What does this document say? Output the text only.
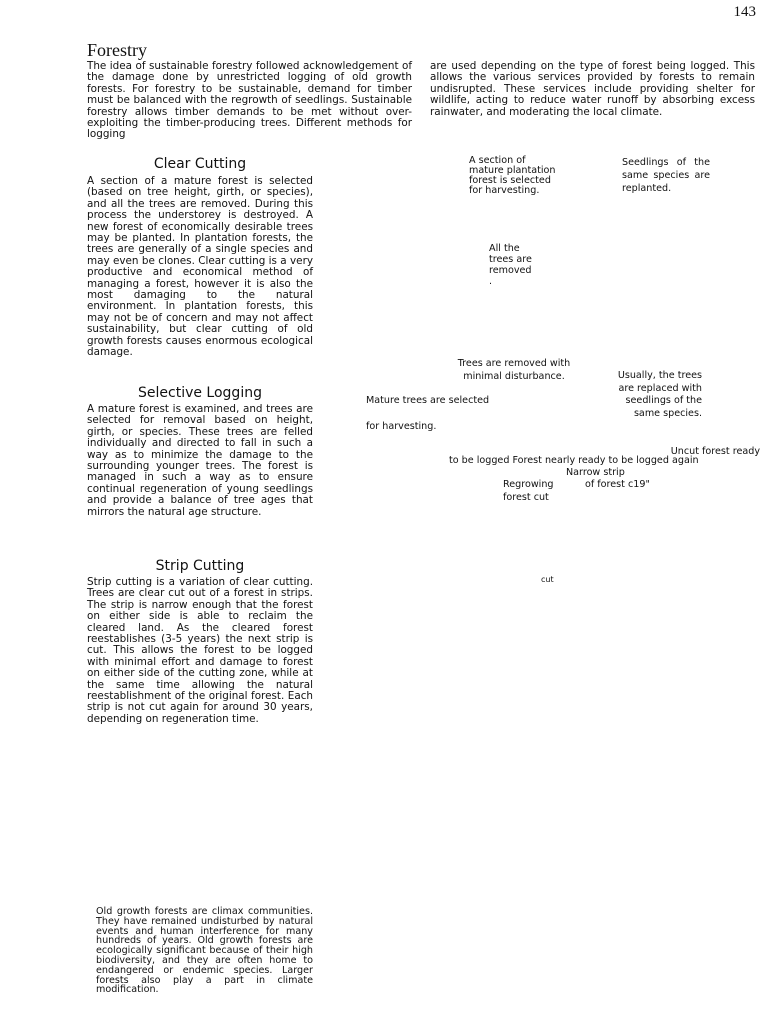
143
Forestry

The idea of sustainable forestry followed acknowledgement of the damage done by unrestricted logging of old growth forests. For forestry to be sustainable, demand for timber must be balanced with the regrowth of seedlings. Sustainable forestry allows timber demands to be met without over-exploiting the timber-producing trees. Different methods for logging

are used depending on the type of forest being logged. This allows the various services provided by forests to remain undisrupted. These services include providing shelter for wildlife, acting to reduce water runoff by absorbing excess rainwater, and moderating the local climate.

Clear Cutting

A section of a mature forest is selected (based on tree height, girth, or species), and all the trees are removed. During this process the understorey is destroyed. A new forest of economically desirable trees may be planted. In plantation forests, the trees are generally of a single species and may even be clones. Clear cutting is a very productive and economical method of managing a forest, however it is also the most damaging to the natural environment. In plantation forests, this may not be of concern and may not affect sustainability, but clear cutting of old growth forests causes enormous ecological damage.

Selective Logging

A mature forest is examined, and trees are selected for removal based on height, girth, or species. These trees are felled individually and directed to fall in such a way as to minimize the damage to the surrounding younger trees. The forest is managed in such a way as to ensure continual regeneration of young seedlings and provide a balance of tree ages that mirrors the natural age structure.

Strip Cutting

Strip cutting is a variation of clear cutting. Trees are clear cut out of a forest in strips. The strip is narrow enough that the forest on either side is able to reclaim the cleared land. As the cleared forest reestablishes (3-5 years) the next strip is cut. This allows the forest to be logged with minimal effort and damage to forest on either side of the cutting zone, while at the same time allowing the natural reestablishment of the original forest. Each strip is not cut again for around 30 years, depending on regeneration time.

A section of mature plantation forest is selected for harvesting.

Seedlings of the same species are replanted.

All the trees are removed .

Trees are removed with minimal disturbance.

Mature trees are selected

for harvesting.

Usually, the trees are replaced with seedlings of the same species.

Uncut forest ready

to be logged Forest nearly ready to be logged again

Narrow strip

of forest c19"

Regrowing forest cut

cut

Old growth forests are climax communities. They have remained undisturbed by natural events and human interference for many hundreds of years. Old growth forests are ecologically significant because of their high biodiversity, and they are often home to endangered or endemic species. Larger forests also play a part in climate modification.
